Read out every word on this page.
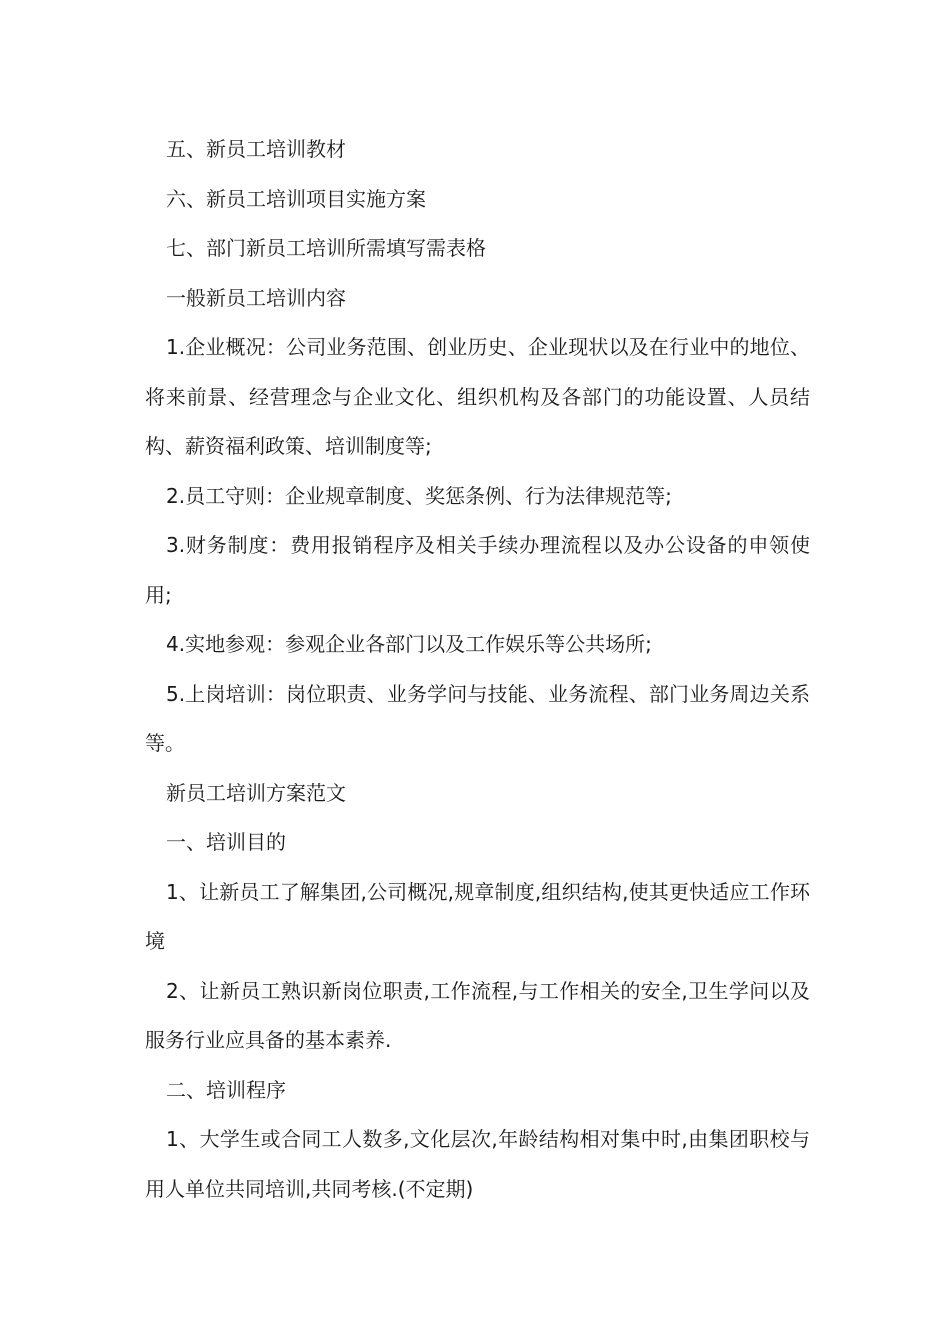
五、新员工培训教材

六、新员工培训项目实施方案

七、部门新员工培训所需填写需表格

一般新员工培训内容

1.企业概况：公司业务范围、创业历史、企业现状以及在行业中的地位、将来前景、经营理念与企业文化、组织机构及各部门的功能设置、人员结构、薪资福利政策、培训制度等;

2.员工守则：企业规章制度、奖惩条例、行为法律规范等;

3.财务制度：费用报销程序及相关手续办理流程以及办公设备的申领使用;

4.实地参观：参观企业各部门以及工作娱乐等公共场所;

5.上岗培训：岗位职责、业务学问与技能、业务流程、部门业务周边关系等。

新员工培训方案范文

一、培训目的

1、让新员工了解集团,公司概况,规章制度,组织结构,使其更快适应工作环境

2、让新员工熟识新岗位职责,工作流程,与工作相关的安全,卫生学问以及服务行业应具备的基本素养.

二、培训程序

1、大学生或合同工人数多,文化层次,年龄结构相对集中时,由集团职校与用人单位共同培训,共同考核.(不定期)
